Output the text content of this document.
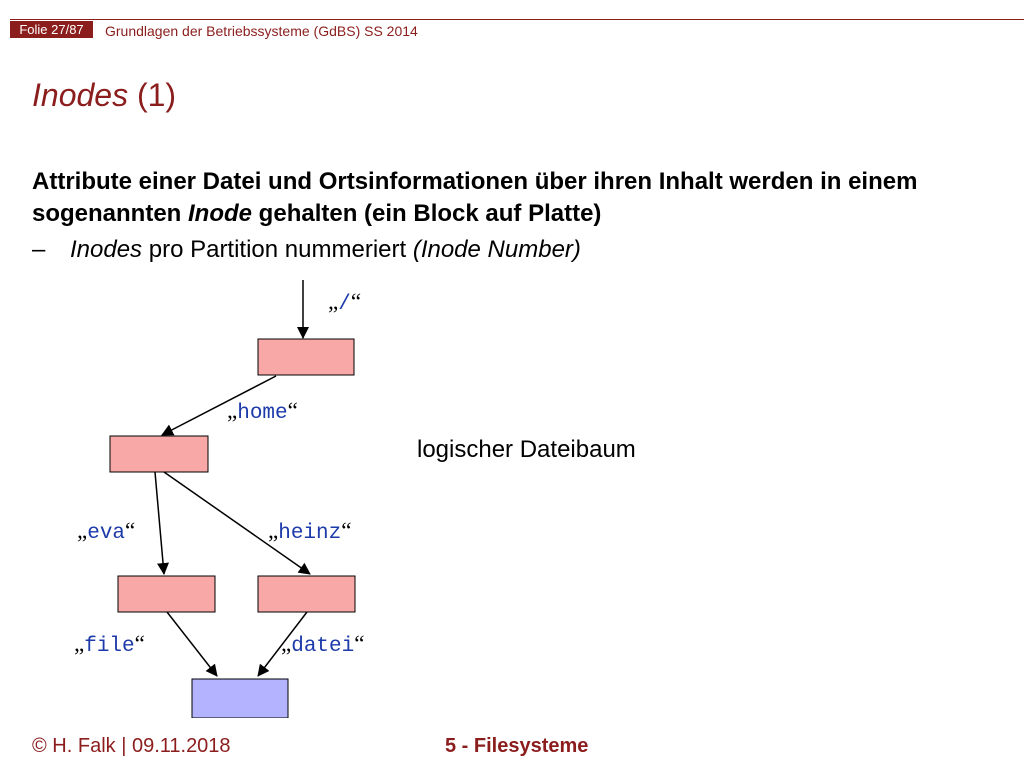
Folie 27/87	Grundlagen der Betriebssysteme (GdBS) SS 2014
Inodes (1)
Attribute einer Datei und Ortsinformationen über ihren Inhalt werden in einem sogenannten Inode gehalten (ein Block auf Platte)
– Inodes pro Partition nummeriert (Inode Number)
„/“
„home“
„eva“	„heinz“
„file“	„datei“
logischer Dateibaum
© H. Falk | 09.11.2018	5 - Filesysteme
